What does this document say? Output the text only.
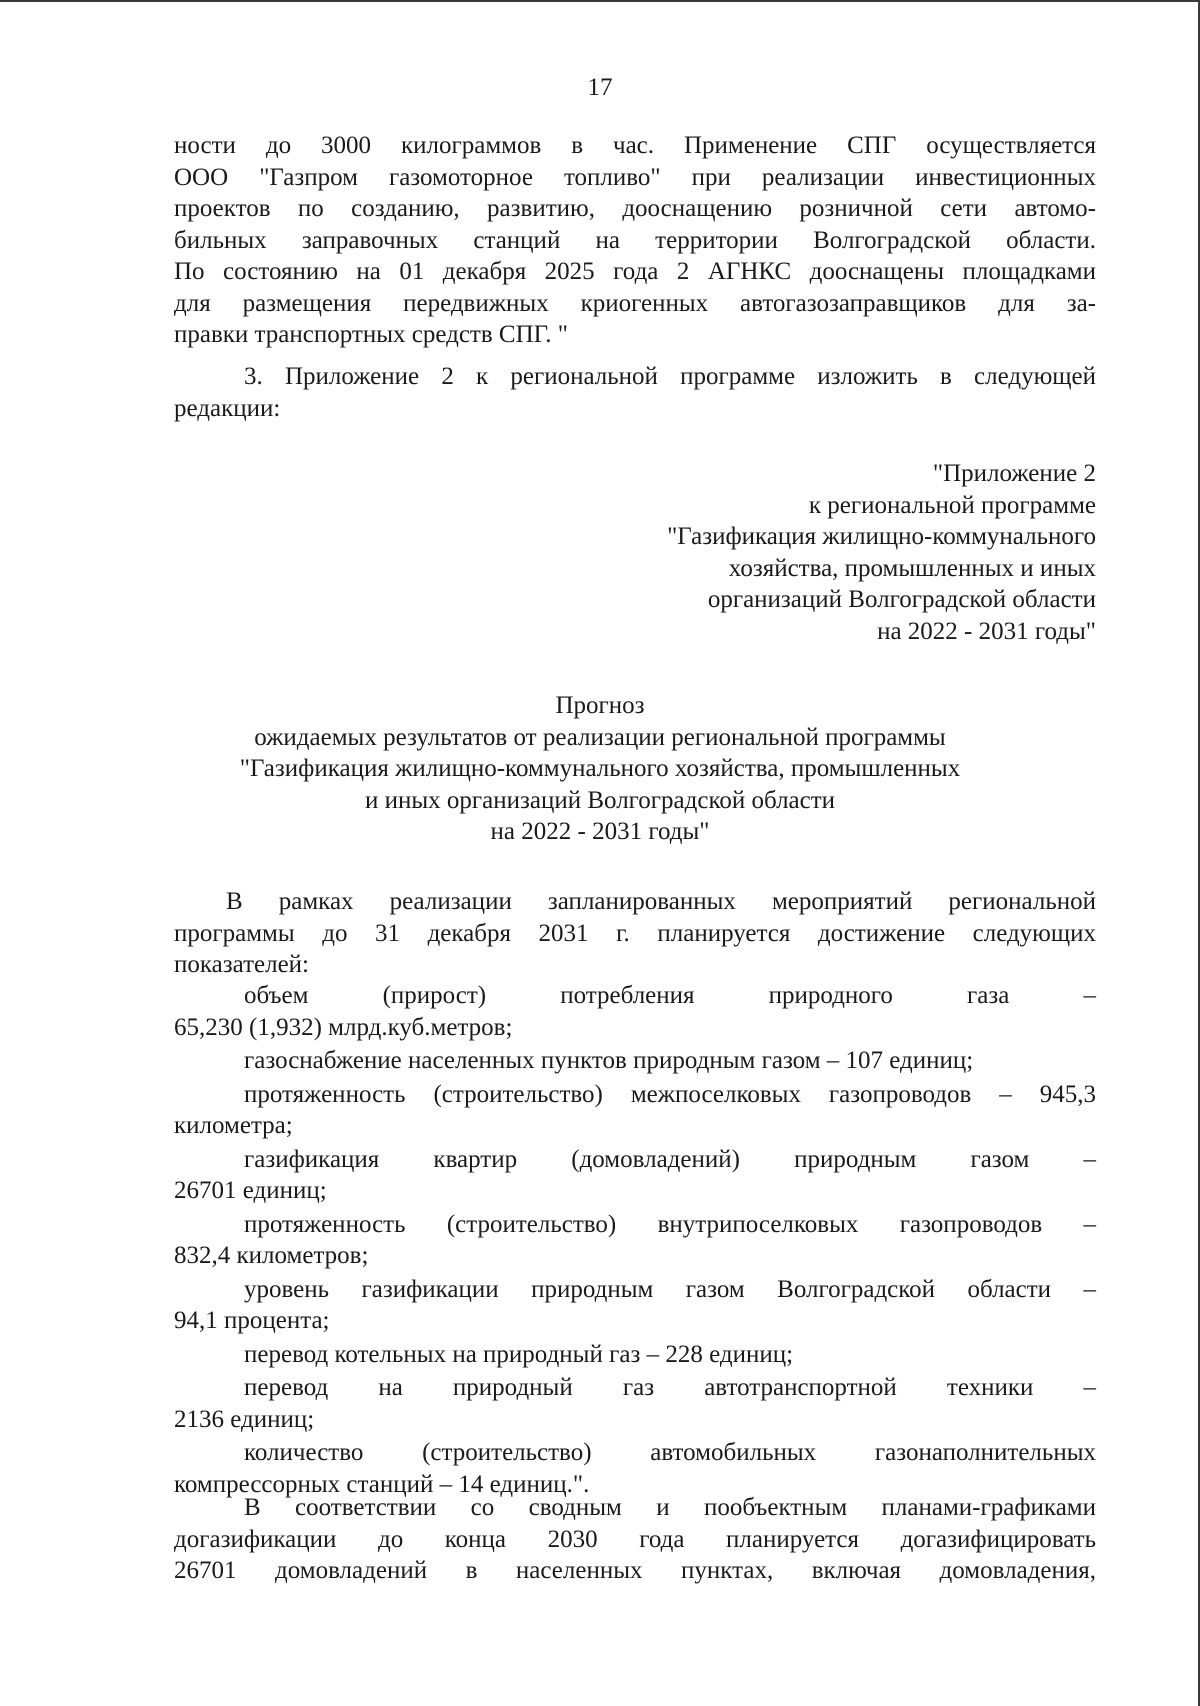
17

ности до 3000 килограммов в час. Применение СПГ осуществляется

ООО "Газпром газомоторное топливо" при реализации инвестиционных

проектов по созданию, развитию, дооснащению розничной сети автомо-

бильных заправочных станций на территории Волгоградской области.

По состоянию на 01 декабря 2025 года 2 АГНКС дооснащены площадками

для размещения передвижных криогенных автогазозаправщиков для за-

правки транспортных средств СПГ. "

3. Приложение 2 к региональной программе изложить в следующей

редакции:

"Приложение 2
к региональной программе
"Газификация жилищно-коммунального
хозяйства, промышленных и иных
организаций Волгоградской области
на 2022 - 2031 годы"
Прогноз
ожидаемых результатов от реализации региональной программы
"Газификация жилищно-коммунального хозяйства, промышленных
и иных организаций Волгоградской области
на 2022 - 2031 годы"

В рамках реализации запланированных мероприятий региональной

программы до 31 декабря 2031 г. планируется достижение следующих

показателей:

объем (прирост) потребления природного газа –

65,230 (1,932) млрд.куб.метров;

газоснабжение населенных пунктов природным газом – 107 единиц;

протяженность (строительство) межпоселковых газопроводов – 945,3

километра;

газификация квартир (домовладений) природным газом –

26701 единиц;

протяженность (строительство) внутрипоселковых газопроводов –

832,4 километров;

уровень газификации природным газом Волгоградской области –

94,1 процента;

перевод котельных на природный газ – 228 единиц;

перевод на природный газ автотранспортной техники –

2136 единиц;

количество (строительство) автомобильных газонаполнительных

компрессорных станций – 14 единиц.".

В соответствии со сводным и пообъектным планами-графиками

догазификации до конца 2030 года планируется догазифицировать

26701 домовладений в населенных пунктах, включая домовладения,
